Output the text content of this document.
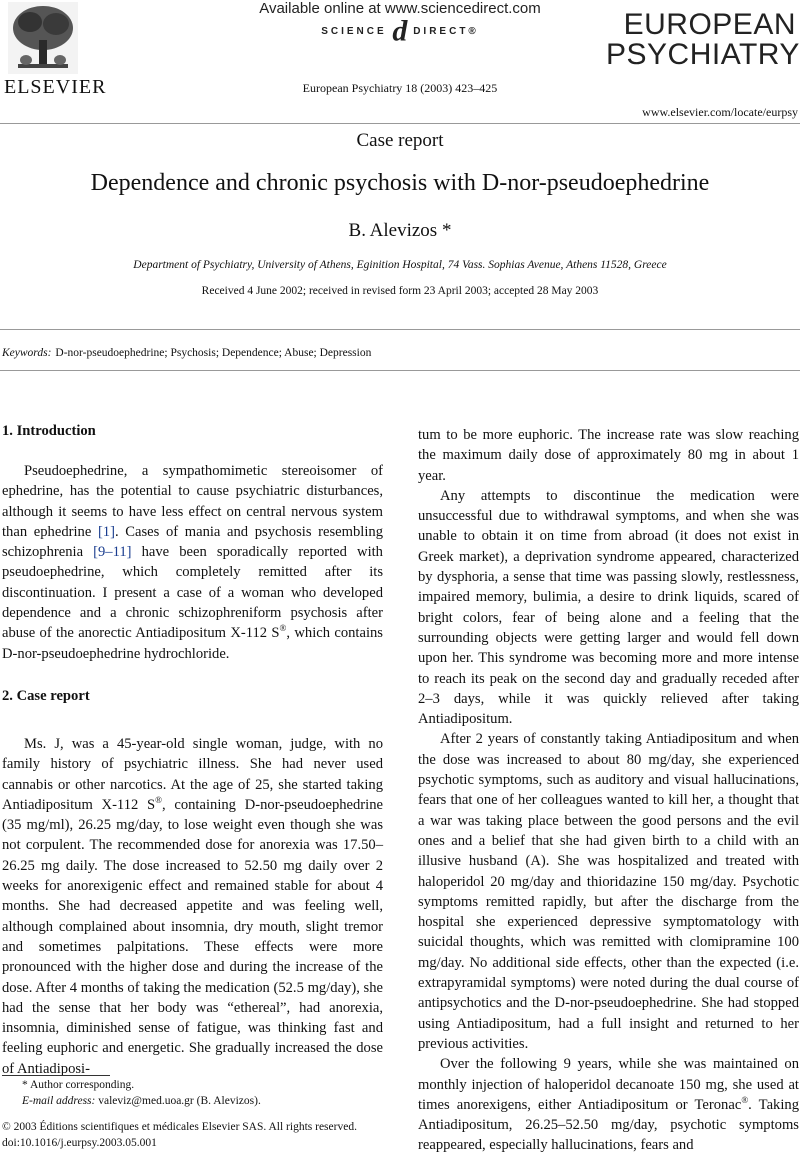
Available online at www.sciencedirect.com
SCIENCE d DIRECT®
ELSEVIER	European Psychiatry 18 (2003) 423–425
EUROPEAN
PSYCHIATRY
www.elsevier.com/locate/eurpsy
Case report
Dependence and chronic psychosis with D-nor-pseudoephedrine
B. Alevizos *
Department of Psychiatry, University of Athens, Eginition Hospital, 74 Vass. Sophias Avenue, Athens 11528, Greece
Received 4 June 2002; received in revised form 23 April 2003; accepted 28 May 2003
Keywords: D-nor-pseudoephedrine; Psychosis; Dependence; Abuse; Depression
1. Introduction

Pseudoephedrine, a sympathomimetic stereoisomer of ephedrine, has the potential to cause psychiatric disturbances, although it seems to have less effect on central nervous system than ephedrine [1]. Cases of mania and psychosis resembling schizophrenia [9–11] have been sporadically reported with pseudoephedrine, which completely remitted after its discontinuation. I present a case of a woman who developed dependence and a chronic schizophreniform psychosis after abuse of the anorectic Antiadipositum X-112 S®, which contains D-nor-pseudoephedrine hydrochloride.

Ms. J, was a 45-year-old single woman, judge, with no family history of psychiatric illness. She had never used cannabis or other narcotics. At the age of 25, she started taking Antiadipositum X-112 S®, containing D-nor-pseudoephedrine (35 mg/ml), 26.25 mg/day, to lose weight even though she was not corpulent. The recommended dose for anorexia was 17.50–26.25 mg daily. The dose increased to 52.50 mg daily over 2 weeks for anorexigenic effect and remained stable for about 4 months. She had decreased appetite and was feeling well, although complained about insomnia, dry mouth, slight tremor and sometimes palpitations. These effects were more pronounced with the higher dose and during the increase of the dose. After 4 months of taking the medication (52.5 mg/day), she had the sense that her body was “ethereal”, had anorexia, insomnia, diminished sense of fatigue, was thinking fast and feeling euphoric and energetic. She gradually increased the dose of Antiadiposi-

2. Case report

tum to be more euphoric. The increase rate was slow reaching the maximum daily dose of approximately 80 mg in about 1 year.

Any attempts to discontinue the medication were unsuccessful due to withdrawal symptoms, and when she was unable to obtain it on time from abroad (it does not exist in Greek market), a deprivation syndrome appeared, characterized by dysphoria, a sense that time was passing slowly, restlessness, impaired memory, bulimia, a desire to drink liquids, scared of bright colors, fear of being alone and a feeling that the surrounding objects were getting larger and would fell down upon her. This syndrome was becoming more and more intense to reach its peak on the second day and gradually receded after 2–3 days, while it was quickly relieved after taking Antiadipositum.

After 2 years of constantly taking Antiadipositum and when the dose was increased to about 80 mg/day, she experienced psychotic symptoms, such as auditory and visual hallucinations, fears that one of her colleagues wanted to kill her, a thought that a war was taking place between the good persons and the evil ones and a belief that she had given birth to a child with an illusive husband (A). She was hospitalized and treated with haloperidol 20 mg/day and thioridazine 150 mg/day. Psychotic symptoms remitted rapidly, but after the discharge from the hospital she experienced depressive symptomatology with suicidal thoughts, which was remitted with clomipramine 100 mg/day. No additional side effects, other than the expected (i.e. extrapyramidal symptoms) were noted during the dual course of antipsychotics and the D-nor-pseudoephedrine. She had stopped using Antiadipositum, had a full insight and returned to her previous activities.

Over the following 9 years, while she was maintained on monthly injection of haloperidol decanoate 150 mg, she used at times anorexigens, either Antiadipositum or Teronac®. Taking Antiadipositum, 26.25–52.50 mg/day, psychotic symptoms reappeared, especially hallucinations, fears and

* Author corresponding.
E-mail address: valeviz@med.uoa.gr (B. Alevizos).
© 2003 Éditions scientifiques et médicales Elsevier SAS. All rights reserved.
doi:10.1016/j.eurpsy.2003.05.001
